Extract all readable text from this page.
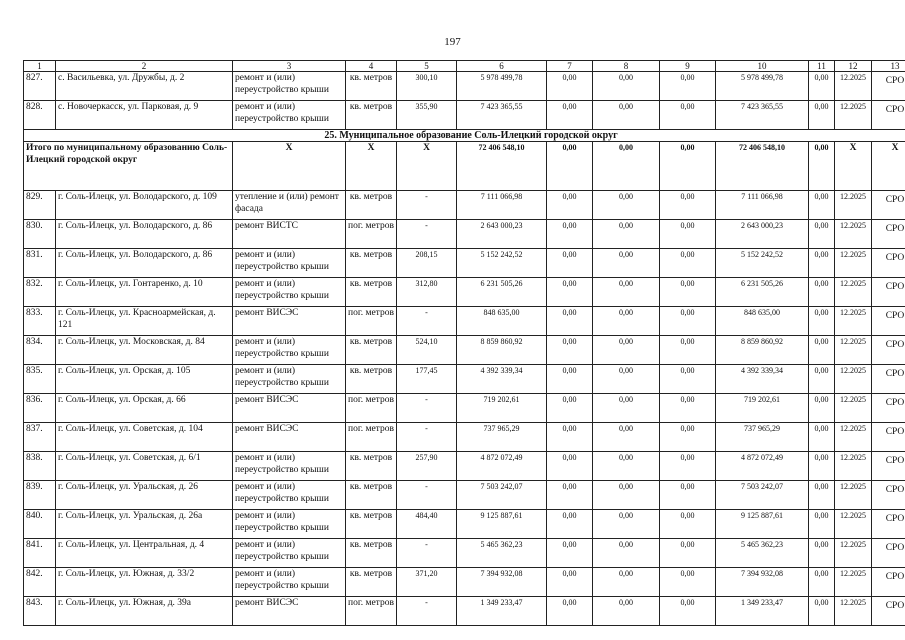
197
1	2	3	4	5	6	7	8	9	10	11	12	13
827.	с. Васильевка, ул. Дружбы, д. 2	ремонт и (или) переустройство крыши	кв. метров	300,10	5 978 499,78	0,00	0,00	0,00	5 978 499,78	0,00	12.2025	СРО
828.	с. Новочеркасск, ул. Парковая, д. 9	ремонт и (или) переустройство крыши	кв. метров	355,90	7 423 365,55	0,00	0,00	0,00	7 423 365,55	0,00	12.2025	СРО
25. Муниципальное образование Соль-Илецкий городской округ												
Итого по муниципальному образованию Соль-Илецкий городской округ		Х	Х	Х	72 406 548,10	0,00	0,00	0,00	72 406 548,10	0,00	Х	Х
829.	г. Соль-Илецк, ул. Володарского, д. 109	утепление и (или) ремонт фасада	кв. метров	-	7 111 066,98	0,00	0,00	0,00	7 111 066,98	0,00	12.2025	СРО
830.	г. Соль-Илецк, ул. Володарского, д. 86	ремонт ВИСТС	пог. метров	-	2 643 000,23	0,00	0,00	0,00	2 643 000,23	0,00	12.2025	СРО
831.	г. Соль-Илецк, ул. Володарского, д. 86	ремонт и (или) переустройство крыши	кв. метров	208,15	5 152 242,52	0,00	0,00	0,00	5 152 242,52	0,00	12.2025	СРО
832.	г. Соль-Илецк, ул. Гонтаренко, д. 10	ремонт и (или) переустройство крыши	кв. метров	312,80	6 231 505,26	0,00	0,00	0,00	6 231 505,26	0,00	12.2025	СРО
833.	г. Соль-Илецк, ул. Красноармейская, д. 121	ремонт ВИСЭС	пог. метров	-	848 635,00	0,00	0,00	0,00	848 635,00	0,00	12.2025	СРО
834.	г. Соль-Илецк, ул. Московская, д. 84	ремонт и (или) переустройство крыши	кв. метров	524,10	8 859 860,92	0,00	0,00	0,00	8 859 860,92	0,00	12.2025	СРО
835.	г. Соль-Илецк, ул. Орская, д. 105	ремонт и (или) переустройство крыши	кв. метров	177,45	4 392 339,34	0,00	0,00	0,00	4 392 339,34	0,00	12.2025	СРО
836.	г. Соль-Илецк, ул. Орская, д. 66	ремонт ВИСЭС	пог. метров	-	719 202,61	0,00	0,00	0,00	719 202,61	0,00	12.2025	СРО
837.	г. Соль-Илецк, ул. Советская, д. 104	ремонт ВИСЭС	пог. метров	-	737 965,29	0,00	0,00	0,00	737 965,29	0,00	12.2025	СРО
838.	г. Соль-Илецк, ул. Советская, д. 6/1	ремонт и (или) переустройство крыши	кв. метров	257,90	4 872 072,49	0,00	0,00	0,00	4 872 072,49	0,00	12.2025	СРО
839.	г. Соль-Илецк, ул. Уральская, д. 26	ремонт и (или) переустройство крыши	кв. метров	-	7 503 242,07	0,00	0,00	0,00	7 503 242,07	0,00	12.2025	СРО
840.	г. Соль-Илецк, ул. Уральская, д. 26а	ремонт и (или) переустройство крыши	кв. метров	484,40	9 125 887,61	0,00	0,00	0,00	9 125 887,61	0,00	12.2025	СРО
841.	г. Соль-Илецк, ул. Центральная, д. 4	ремонт и (или) переустройство крыши	кв. метров	-	5 465 362,23	0,00	0,00	0,00	5 465 362,23	0,00	12.2025	СРО
842.	г. Соль-Илецк, ул. Южная, д. 33/2	ремонт и (или) переустройство крыши	кв. метров	371,20	7 394 932,08	0,00	0,00	0,00	7 394 932,08	0,00	12.2025	СРО
843.	г. Соль-Илецк, ул. Южная, д. 39а	ремонт ВИСЭС	пог. метров	-	1 349 233,47	0,00	0,00	0,00	1 349 233,47	0,00	12.2025	СРО
